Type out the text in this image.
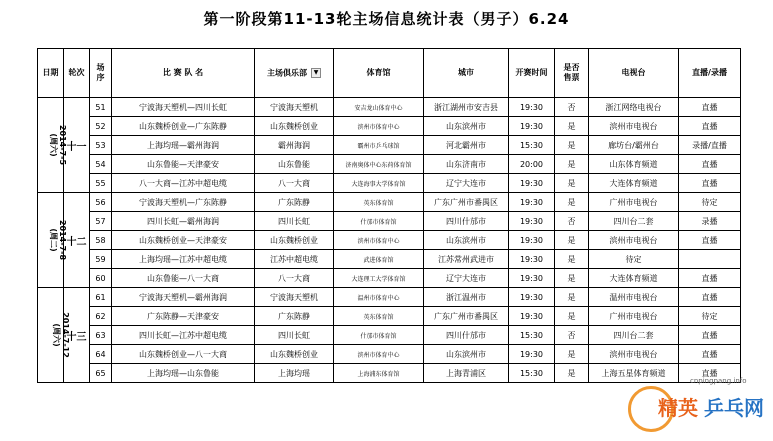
第一阶段第11-13轮主场信息统计表（男子）6.24
日期	轮次	场
序	比 赛 队 名	主场俱乐部 ▼	体育馆	城市	开赛时间	是否
售票	电视台	直播/录播
2014-7-5
(周六)	十一	51	宁波海天塑机—四川长虹	宁波海天塑机	安吉龙山体育中心	浙江湖州市安吉县	19:30	否	浙江网络电视台	直播
		52	山东魏桥创业—广东陈静	山东魏桥创业	滨州市体育中心	山东滨州市	19:30	是	滨州市电视台	直播
		53	上海均瑶—霸州海润	霸州海润	霸州市乒乓球馆	河北霸州市	15:30	是	廊坊台/霸州台	录播/直播
		54	山东鲁能—天津豪安	山东鲁能	济南奥体中心东荷体育馆	山东济南市	20:00	是	山东体育频道	直播
		55	八一大商—江苏中超电缆	八一大商	大连海事大学体育馆	辽宁大连市	19:30	是	大连体育频道	直播
2014-7-8
(周二)	十二	56	宁波海天塑机—广东陈静	广东陈静	英东体育馆	广东广州市番禺区	19:30	是	广州市电视台	待定
		57	四川长虹—霸州海润	四川长虹	什邡市体育馆	四川什邡市	19:30	否	四川台二套	录播
		58	山东魏桥创业—天津豪安	山东魏桥创业	滨州市体育中心	山东滨州市	19:30	是	滨州市电视台	直播
		59	上海均瑶—江苏中超电缆	江苏中超电缆	武进体育馆	江苏常州武进市	19:30	是	待定	
		60	山东鲁能—八一大商	八一大商	大连理工大学体育馆	辽宁大连市	19:30	是	大连体育频道	直播
2014-7-12
(周六)	十三	61	宁波海天塑机—霸州海润	宁波海天塑机	温州市体育中心	浙江温州市	19:30	是	温州市电视台	直播
		62	广东陈静—天津豪安	广东陈静	英东体育馆	广东广州市番禺区	19:30	是	广州市电视台	待定
		63	四川长虹—江苏中超电缆	四川长虹	什邡市体育馆	四川什邡市	15:30	否	四川台二套	直播
		64	山东魏桥创业—八一大商	山东魏桥创业	滨州市体育中心	山东滨州市	19:30	是	滨州市电视台	直播
		65	上海均瑶—山东鲁能	上海均瑶	上海浦东体育馆	上海青浦区	15:30	是	上海五星体育频道	直播
cnpingpang.info
精英 乒乓网
